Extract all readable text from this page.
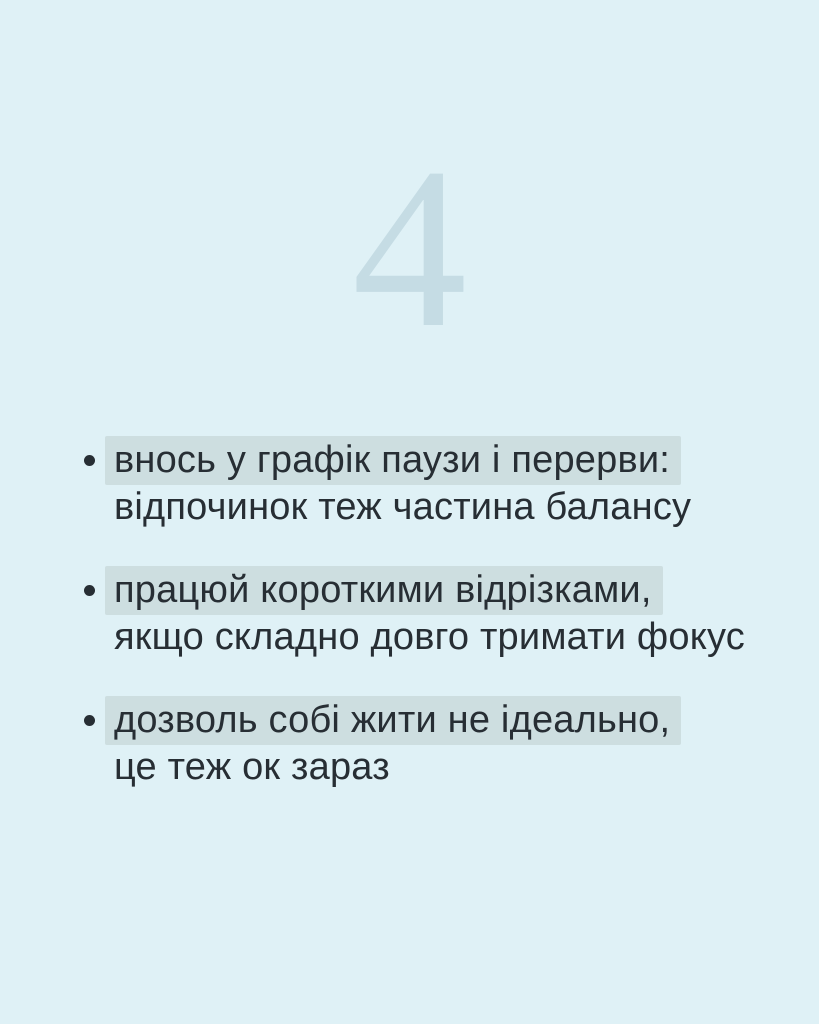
4
внось у графік паузи і перерви:
відпочинок теж частина балансу
працюй короткими відрізками,
якщо складно довго тримати фокус
дозволь собі жити не ідеально,
це теж ок зараз
